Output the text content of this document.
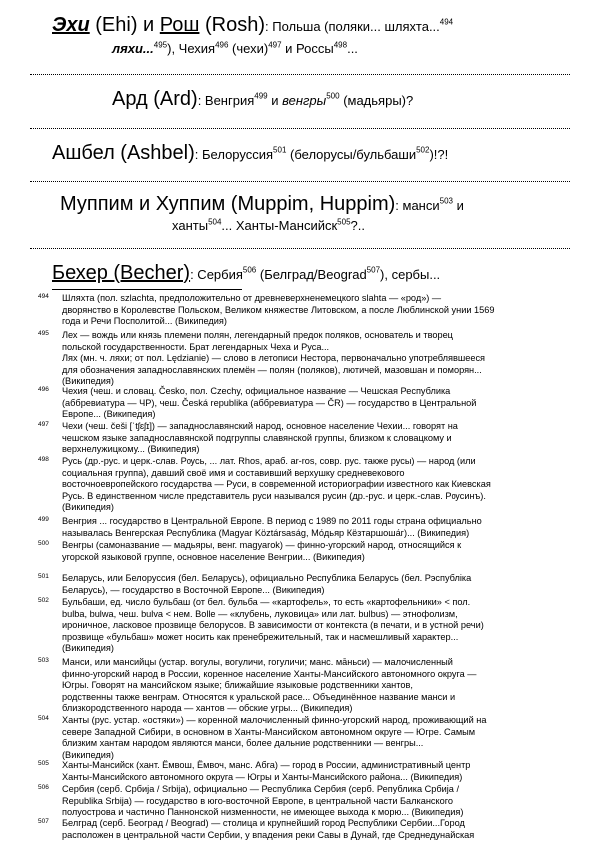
Эхи (Ehi) и Рош (Rosh): Польша (поляки... шляхта...$^{494}$
ляхи...$^{495}$), Чехия$^{496}$ (чехи)$^{497}$ и Россы$^{498}$...
Ард (Ard): Венгрия$^{499}$ и венгры$^{500}$ (мадьяры)?
Ашбел (Ashbel): Белоруссия$^{501}$ (белорусы/бульбаши$^{502}$)!?!
Муппим и Хуппим (Muppim, Huppim): манси$^{503}$ и
ханты$^{504}$... Ханты-Мансийск$^{505}$?..
Бехер (Becher): Сербия$^{506}$ (Белград/Beograd$^{507}$), сербы...
494 Шляхта (пол. szlachta, предположительно от древневерхненемецкого slahta — «род») —
дворянство в Королевстве Польском, Великом княжестве Литовском, а после Люблинской унии 1569
года и Речи Посполитой... (Википедия)
495 Лех — вождь или князь племени полян, легендарный предок поляков, основатель и творец
польской государственности. Брат легендарных Чеха и Руса...
Лях (мн. ч. ляхи; от пол. Lędzianie) — слово в летописи Нестора, первоначально употреблявшееся
для обозначения западнославянских племён — полян (поляков), лютичей, мазовшан и поморян...
(Википедия)
496 Чехия (чеш. и словац. Česko, пол. Czechy, официальное название — Чешская Республика
(аббревиатура — ЧР), чеш. Česká republika (аббревиатура — ČR) — государство в Центральной
Европе... (Википедия)
497 Чехи (чеш. češi [ˈtʃɛʃɪ]) — западнославянский народ, основное население Чехии... говорят на
чешском языке западнославянской подгруппы славянской группы, близком к словацкому и
верхнелужицкому... (Википедия)
498 Русь (др.-рус. и церк.-слав. Рѹсь, ... лат. Rhos, араб. ar-ros, совр. рус. также русы) — народ (или
социальная группа), давший своё имя и составивший верхушку средневекового
восточноевропейского государства — Руси, в современной историографии известного как Киевская
Русь. В единственном числе представитель руси назывался русин (др.-рус. и церк.-слав. Рѹсинъ).
(Википедия)
499 Венгрия ... государство в Центральной Европе. В период с 1989 по 2011 годы страна официально
называлась Венгерская Республика (Magyar Köztársaság, Мо́дьяр Кёзтаршоша́г)... (Википедия)
500 Венгры (самоназвание — мадьяры, венг. magyarok) — финно-угорский народ, относящийся к
угорской языковой группе, основное население Венгрии... (Википедия)
501 Беларусь, или Белоруссия (бел. Беларусь), официально Республика Беларусь (бел. Рэспубліка
Беларусь), — государство в Восточной Европе... (Википедия)
502 Бульбаши, ед. число бульбаш (от бел. бульба — «картофель», то есть «картофельники» < пол.
bulba, bulwa, чеш. bulva < нем. Bolle — «клубень, луковица» или лат. bulbus) — этнофолизм,
ироничное, ласковое прозвище белорусов. В зависимости от контекста (в печати, и в устной речи)
прозвище «бульбаш» может носить как пренебрежительный, так и насмешливый характер...
(Википедия)
503 Манси, или мансийцы (устар. вогулы, вогуличи, гогуличи; манс. мāньси) — малочисленный
финно-угорский народ в России, коренное население Ханты-Мансийского автономного округа —
Югры. Говорят на мансийском языке; ближайшие языковые родственники хантов,
родственны также венграм. Относятся к уральской расе... Объединённое название манси и
близкородственного народа — хантов — обские угры... (Википедия)
504 Ханты (рус. устар. «остяки») — коренной малочисленный финно-угорский народ, проживающий на
севере Западной Сибири, в основном в Ханты-Мансийском автономном округе — Югре. Самым
близким хантам народом являются манси, более дальние родственники — венгры...
(Википедия)
505 Ханты-Мансийск (хант. Ёмвош, Ёмвоч, манс. Абга) — город в России, административный центр
Ханты-Мансийского автономного округа — Югры и Ханты-Мансийского района... (Википедия)
506 Сербия (серб. Србија / Srbija), официально — Республика Сербия (серб. Република Србија /
Republika Srbija) — государство в юго-восточной Европе, в центральной части Балканского
полуострова и частично Паннонской низменности, не имеющее выхода к морю... (Википедия)
507 Белград (серб. Београд / Beograd) — столица и крупнейший город Республики Сербии...Город
расположен в центральной части Сербии, у впадения реки Савы в Дунай, где Среднедунайская
